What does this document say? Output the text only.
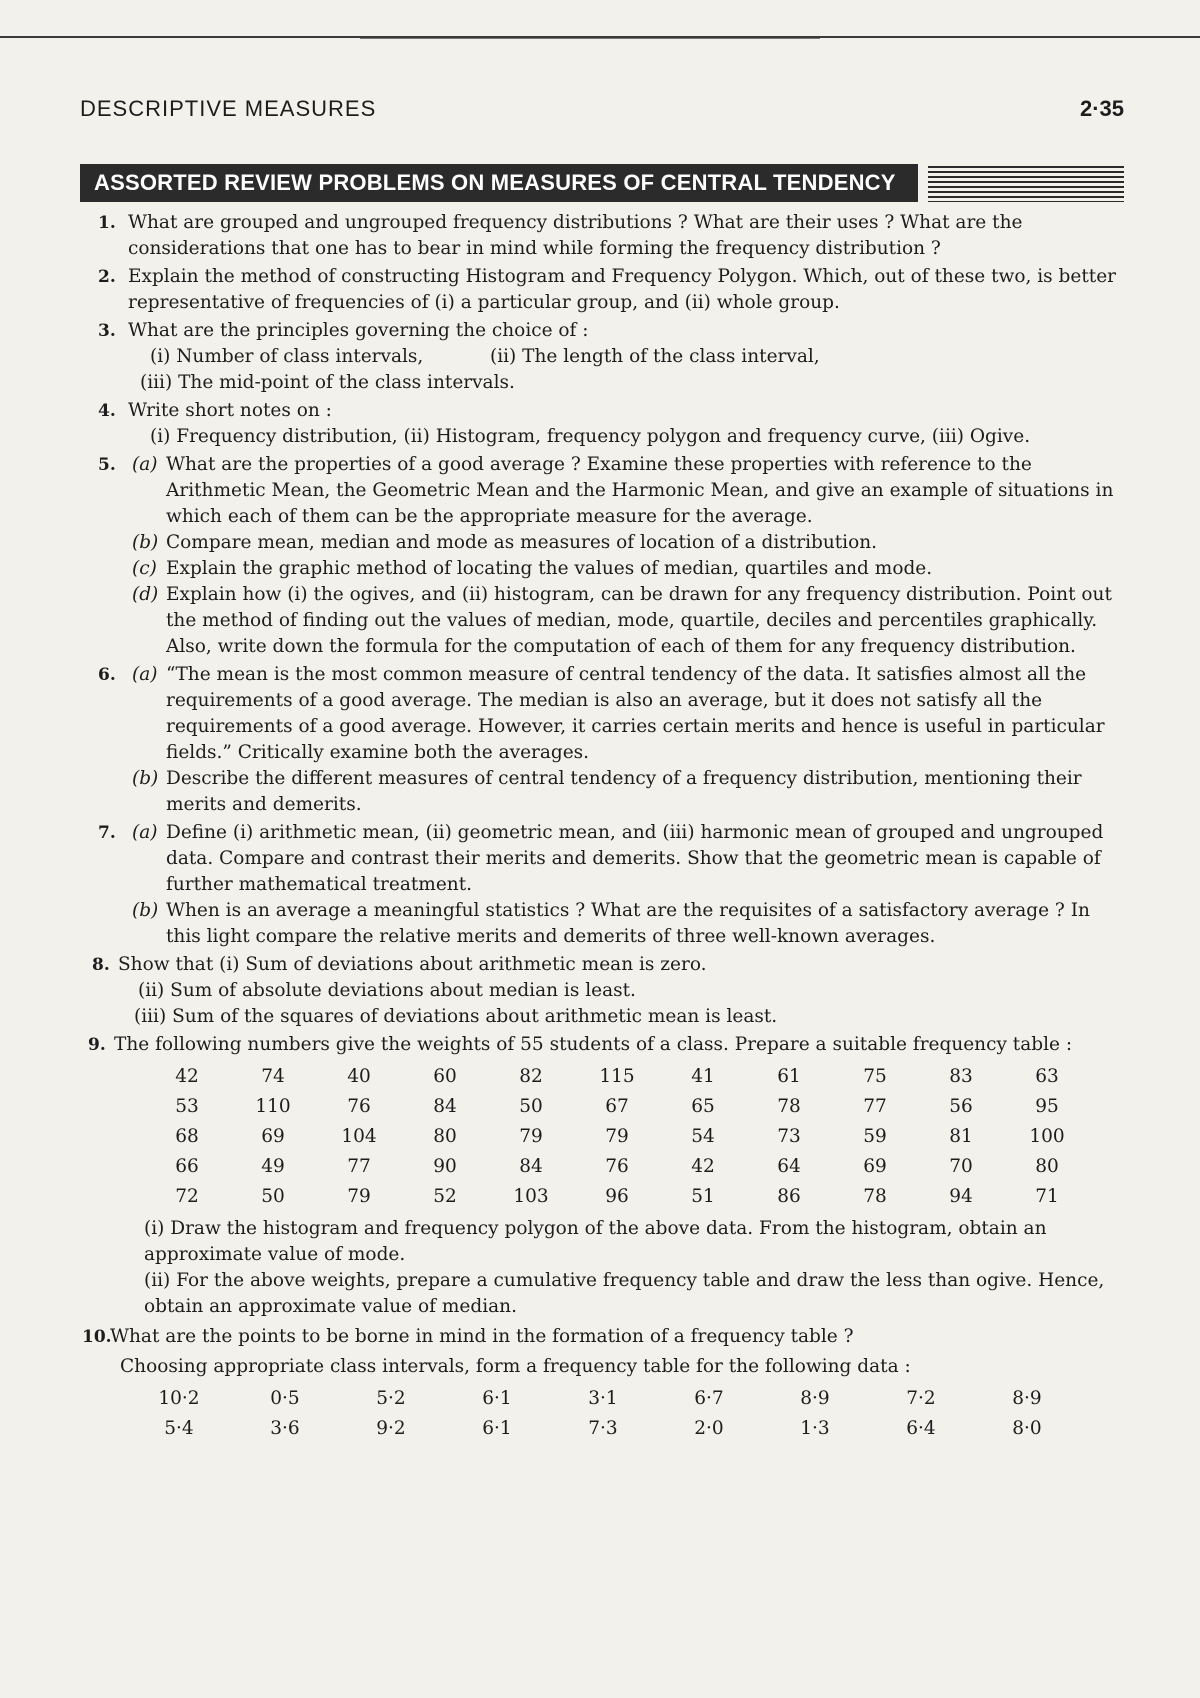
DESCRIPTIVE MEASURES	2·35
ASSORTED REVIEW PROBLEMS ON MEASURES OF CENTRAL TENDENCY
1. What are grouped and ungrouped frequency distributions ? What are their uses ? What are the considerations that one has to bear in mind while forming the frequency distribution ?
2. Explain the method of constructing Histogram and Frequency Polygon. Which, out of these two, is better representative of frequencies of (i) a particular group, and (ii) whole group.
3. What are the principles governing the choice of :
(i) Number of class intervals,	(ii) The length of the class interval,
(iii) The mid-point of the class intervals.
4. Write short notes on :
(i) Frequency distribution, (ii) Histogram, frequency polygon and frequency curve, (iii) Ogive.
5. (a) What are the properties of a good average ? Examine these properties with reference to the Arithmetic Mean, the Geometric Mean and the Harmonic Mean, and give an example of situations in which each of them can be the appropriate measure for the average.
(b) Compare mean, median and mode as measures of location of a distribution.
(c) Explain the graphic method of locating the values of median, quartiles and mode.
(d) Explain how (i) the ogives, and (ii) histogram, can be drawn for any frequency distribution. Point out the method of finding out the values of median, mode, quartile, deciles and percentiles graphically. Also, write down the formula for the computation of each of them for any frequency distribution.
6. (a) “The mean is the most common measure of central tendency of the data. It satisfies almost all the requirements of a good average. The median is also an average, but it does not satisfy all the requirements of a good average. However, it carries certain merits and hence is useful in particular fields.” Critically examine both the averages.
(b) Describe the different measures of central tendency of a frequency distribution, mentioning their merits and demerits.
7. (a) Define (i) arithmetic mean, (ii) geometric mean, and (iii) harmonic mean of grouped and ungrouped data. Compare and contrast their merits and demerits. Show that the geometric mean is capable of further mathematical treatment.
(b) When is an average a meaningful statistics ? What are the requisites of a satisfactory average ? In this light compare the relative merits and demerits of three well-known averages.
8. Show that (i) Sum of deviations about arithmetic mean is zero.
(ii) Sum of absolute deviations about median is least.
(iii) Sum of the squares of deviations about arithmetic mean is least.
9. The following numbers give the weights of 55 students of a class. Prepare a suitable frequency table :
42	74	40	60	82	115	41	61	75	83	63
53	110	76	84	50	67	65	78	77	56	95
68	69	104	80	79	79	54	73	59	81	100
66	49	77	90	84	76	42	64	69	70	80
72	50	79	52	103	96	51	86	78	94	71
(i) Draw the histogram and frequency polygon of the above data. From the histogram, obtain an approximate value of mode.
(ii) For the above weights, prepare a cumulative frequency table and draw the less than ogive. Hence, obtain an approximate value of median.
10.
What are the points to be borne in mind in the formation of a frequency table ?
Choosing appropriate class intervals, form a frequency table for the following data :
10·2	0·5	5·2	6·1	3·1	6·7	8·9	7·2	8·9
5·4	3·6	9·2	6·1	7·3	2·0	1·3	6·4	8·0
